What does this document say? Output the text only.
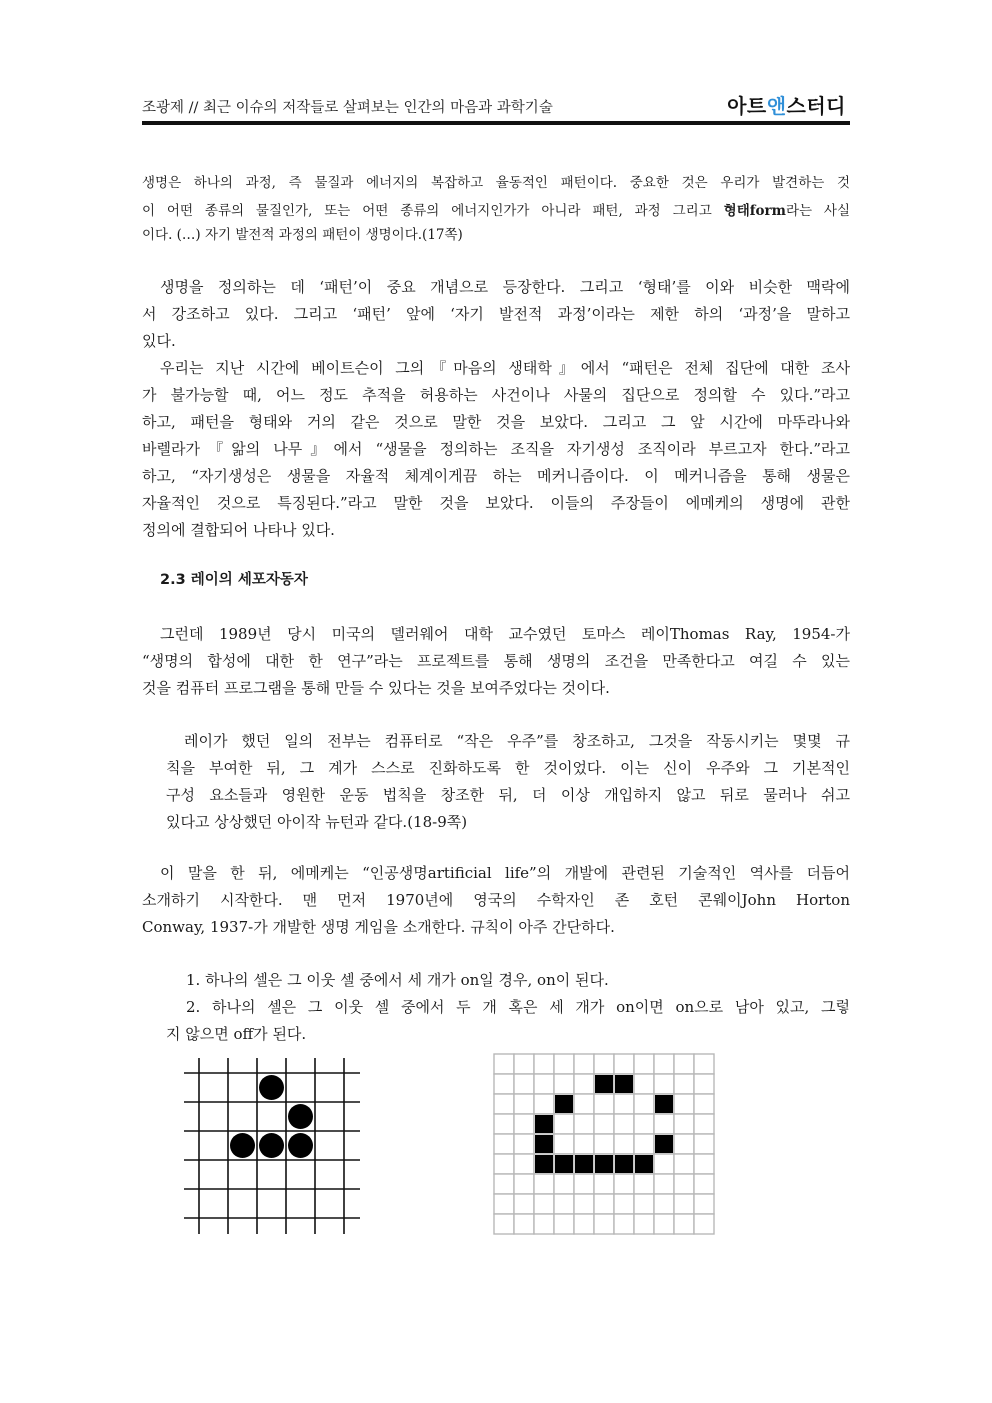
조광제 // 최근 이슈의 저작들로 살펴보는 인간의 마음과 과학기술	아트앤스터디
생명은 하나의 과정, 즉 물질과 에너지의 복잡하고 율동적인 패턴이다. 중요한 것은 우리가 발견하는 것
이 어떤 종류의 물질인가, 또는 어떤 종류의 에너지인가가 아니라 패턴, 과정 그리고 형태form라는 사실
이다. (…) 자기 발전적 과정의 패턴이 생명이다.(17쪽)
생명을 정의하는 데 ‘패턴’이 중요 개념으로 등장한다. 그리고 ‘형태’를 이와 비슷한 맥락에
서 강조하고 있다. 그리고 ‘패턴’ 앞에 ‘자기 발전적 과정’이라는 제한 하의 ‘과정’을 말하고
있다.
우리는 지난 시간에 베이트슨이 그의『마음의 생태학』에서 “패턴은 전체 집단에 대한 조사
가 불가능할 때, 어느 정도 추적을 허용하는 사건이나 사물의 집단으로 정의할 수 있다.”라고
하고, 패턴을 형태와 거의 같은 것으로 말한 것을 보았다. 그리고 그 앞 시간에 마뚜라나와
바렐라가『앎의 나무』에서 “생물을 정의하는 조직을 자기생성 조직이라 부르고자 한다.”라고
하고, “자기생성은 생물을 자율적 체계이게끔 하는 메커니즘이다. 이 메커니즘을 통해 생물은
자율적인 것으로 특징된다.”라고 말한 것을 보았다. 이들의 주장들이 에메케의 생명에 관한
정의에 결합되어 나타나 있다.
2.3 레이의 세포자동자
그런데 1989년 당시 미국의 델러웨어 대학 교수였던 토마스 레이Thomas Ray, 1954-가
“생명의 합성에 대한 한 연구”라는 프로젝트를 통해 생명의 조건을 만족한다고 여길 수 있는
것을 컴퓨터 프로그램을 통해 만들 수 있다는 것을 보여주었다는 것이다.
레이가 했던 일의 전부는 컴퓨터로 “작은 우주”를 창조하고, 그것을 작동시키는 몇몇 규
칙을 부여한 뒤, 그 계가 스스로 진화하도록 한 것이었다. 이는 신이 우주와 그 기본적인
구성 요소들과 영원한 운동 법칙을 창조한 뒤, 더 이상 개입하지 않고 뒤로 물러나 쉬고
있다고 상상했던 아이작 뉴턴과 같다.(18-9쪽)
이 말을 한 뒤, 에메케는 “인공생명artificial life”의 개발에 관련된 기술적인 역사를 더듬어
소개하기 시작한다. 맨 먼저 1970년에 영국의 수학자인 존 호턴 콘웨이John Horton
Conway, 1937-가 개발한 생명 게임을 소개한다. 규칙이 아주 간단하다.
1. 하나의 셀은 그 이웃 셀 중에서 세 개가 on일 경우, on이 된다.
2. 하나의 셀은 그 이웃 셀 중에서 두 개 혹은 세 개가 on이면 on으로 남아 있고, 그렇
지 않으면 off가 된다.
